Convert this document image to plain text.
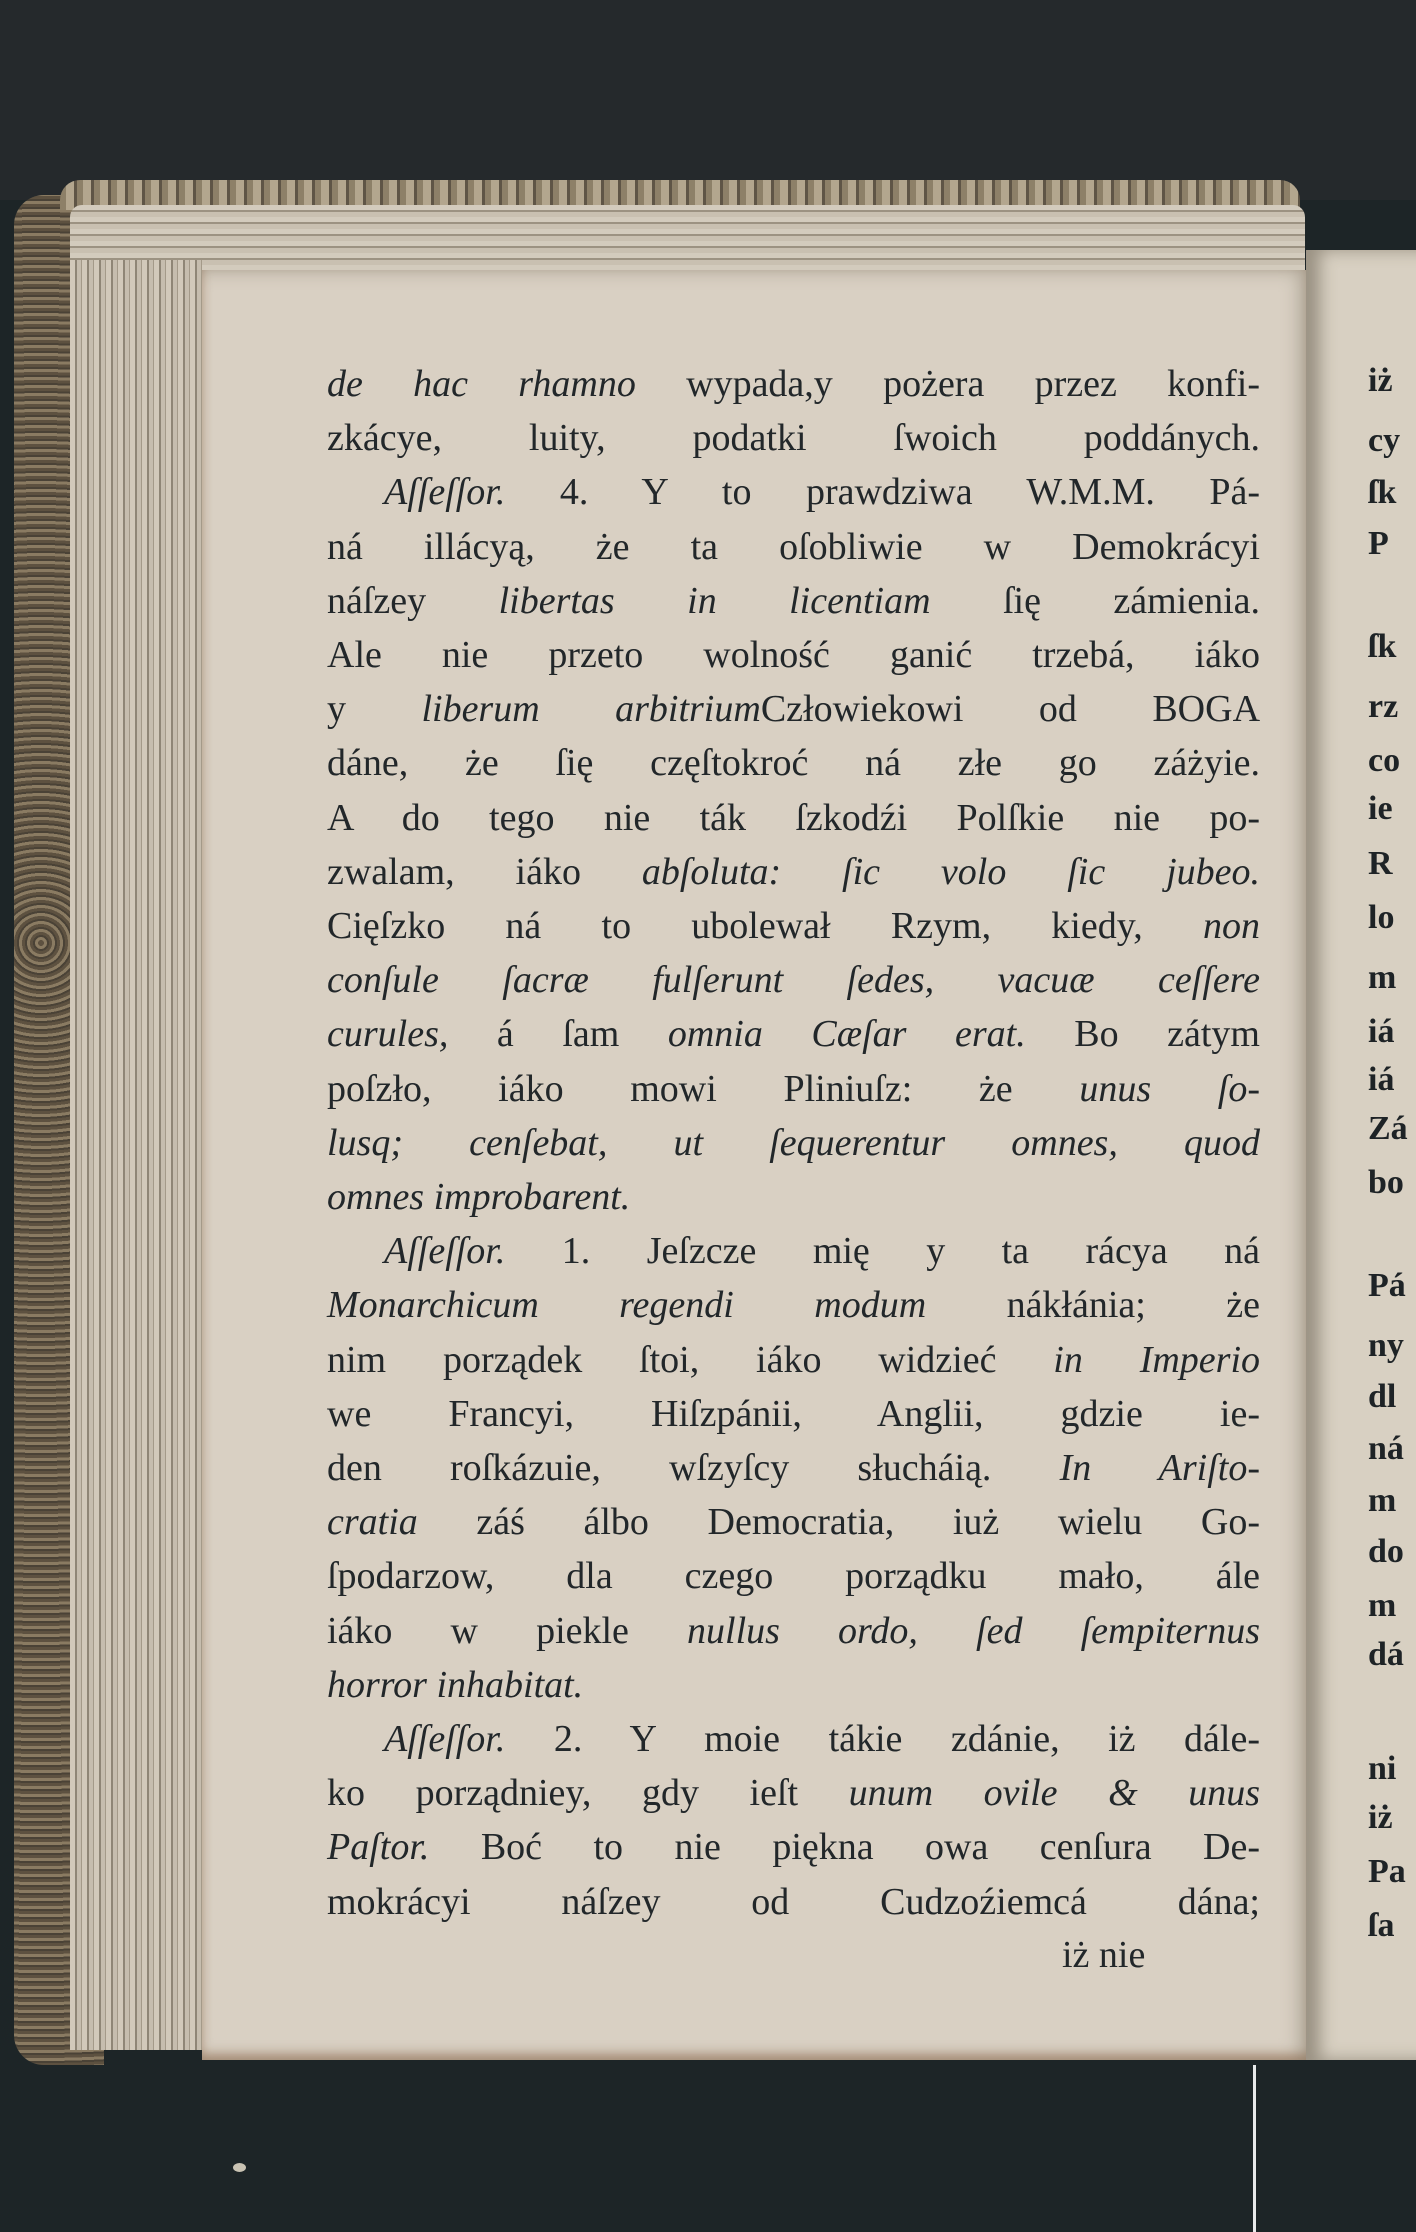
de hac rhamno wypada,y pożera przez konfi-
zkácye, luity, podatki ſwoich poddánych.
Aſſeſſor. 4. Y to prawdziwa W.M.M. Pá-
ná illácyą, że ta oſobliwie w Demokrácyi
náſzey libertas in licentiam ſię zámienia.
Ale nie przeto wolność ganić trzebá, iáko
y liberum arbitriumCzłowiekowi od BOGA
dáne, że ſię częſtokroć ná złe go záżyie.
A do tego nie ták ſzkodźi Polſkie nie po-
zwalam, iáko abſoluta: ſic volo ſic jubeo.
Cięſzko ná to ubolewał Rzym, kiedy, non
conſule ſacræ fulſerunt ſedes, vacuæ ceſſere
curules, á ſam omnia Cæſar erat. Bo zátym
poſzło, iáko mowi Pliniuſz: że unus ſo-
lusq; cenſebat, ut ſequerentur omnes, quod
omnes improbarent.
Aſſeſſor. 1. Jeſzcze mię y ta rácya ná
Monarchicum regendi modum nákłánia; że
nim porządek ſtoi, iáko widzieć in Imperio
we Francyi, Hiſzpánii, Anglii, gdzie ie-
den roſkázuie, wſzyſcy słucháią. In Ariſto-
cratia záś álbo Democratia, iuż wielu Go-
ſpodarzow, dla czego porządku mało, ále
iáko w piekle nullus ordo, ſed ſempiternus
horror inhabitat.
Aſſeſſor. 2. Y moie tákie zdánie, iż dále-
ko porządniey, gdy ieſt unum ovile & unus
Paſtor. Boć to nie piękna owa cenſura De-
mokrácyi náſzey od Cudzoźiemcá dána;
iż
cy
ſk
P
ſk
rz
co
ie
R
lo
m
iá
iá
Zá
bo
Pá
ny
dl
ná
m
do
m
dá
ni
iż
Pa
ſa
iż nie
